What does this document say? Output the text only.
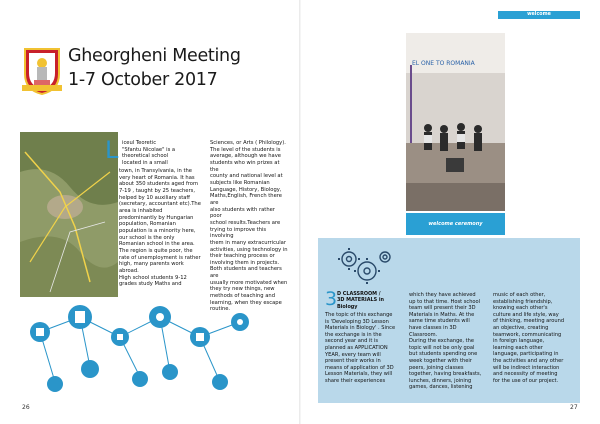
Gheorgheni Meeting
1-7 October 2017
L iceul Teoretic
"Sfantu Nicolae" is a
theoretical school
located in a small
town, in Transylvania, in the
very heart of Romania. It has
about 350 students aged from
7-19 , taught by 25 teachers,
helped by 10 auxiliary staff
(secretary, accountant etc).The
area is inhabited
predominantly by Hungarian
population, Romanian
population is a minority here,
our school is the only
Romanian school in the area.
The region is quite poor, the
rate of unemployment is rather
high, many parents work
abroad.
High school students 9-12
grades study Maths and
Sciences, or Arts ( Philology).
The level of the students is
average, although we have
students who win prizes at the
county and national level at
subjects like Romanian
Language, History, Biology,
Maths,English, French there are
also students with rather poor
school results.Teachers are
trying to improve this involving
them in many extracurricular
activities, using technology in
their teaching process or
involving them in projects.
Both students and teachers are
usually more motivated when
they try new things, new
methods of teaching and
learning, when they escape
routine.
26
welcome
EL ONE TO ROMANIA
welcome ceremony
3 D CLASSROOM /
3D MATERIALS in
Biology
The topic of this exchange
is 'Developing 3D Lesson
Materials in Biology' . Since
the exchange is in the
second year and it is
planned as APPLICATION
YEAR, every team will
present their works in
means of application of 3D
Lesson Materials, they will
share their experiences
which they have achieved
up to that time. Host school
team will present their 3D
Materials in Maths. At the
same time students will
have classes in 3D
Classroom.
During the exchange, the
topic will not be only goal
but students spending one
week together with their
peers, joining classes
together, having breakfasts,
lunches, dinners, joining
games, dances, listening
music of each other,
establishing friendship,
knowing each other's
culture and life style, way
of thinking, meeting around
an objective, creating
teamwork, communicating
in foreign language,
learning each other
language, participating in
the activities and any other
will be indirect interaction
and necessity of meeting
for the use of our project.
27
